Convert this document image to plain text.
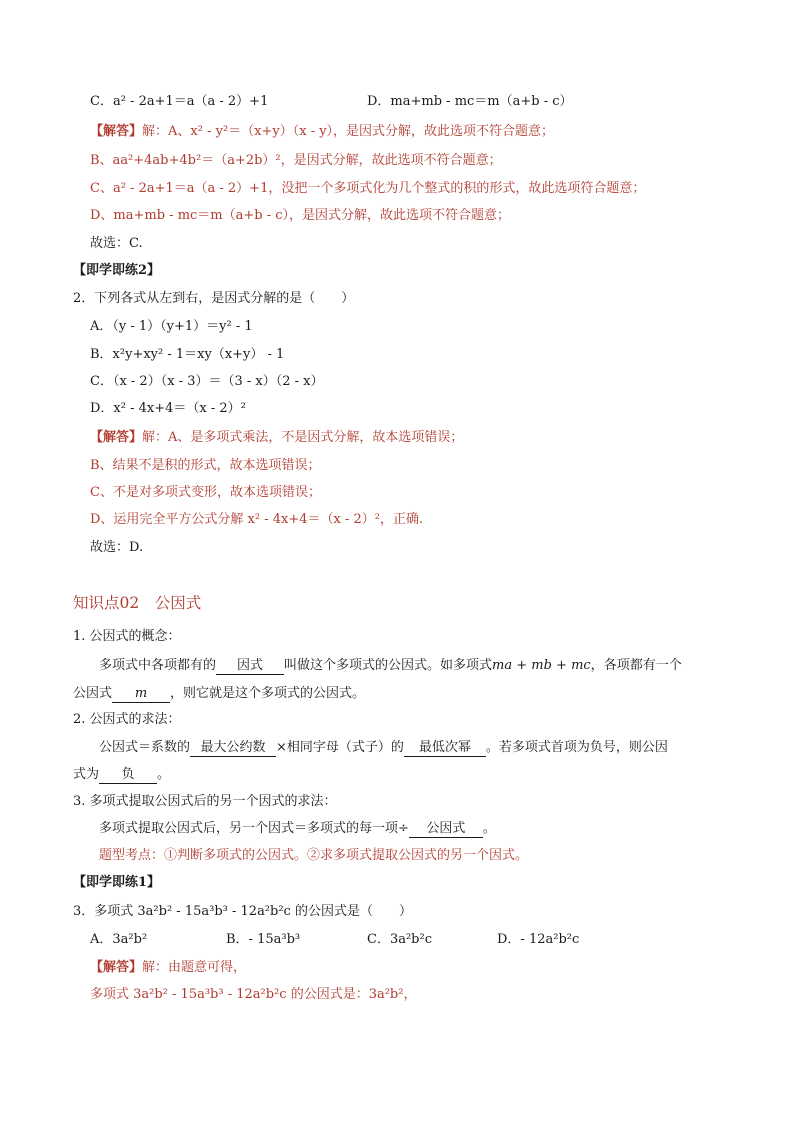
C．a² - 2a+1＝a（a - 2）+1	D．ma+mb - mc＝m（a+b - c）
【解答】解：A、x² - y²＝（x+y）（x - y），是因式分解，故此选项不符合题意；
B、aa²+4ab+4b²＝（a+2b）²，是因式分解，故此选项不符合题意；
C、a² - 2a+1＝a（a - 2）+1，没把一个多项式化为几个整式的积的形式，故此选项符合题意；
D、ma+mb - mc＝m（a+b - c），是因式分解，故此选项不符合题意；
故选：C.
【即学即练2】
2．下列各式从左到右，是因式分解的是（　　）
A．（y - 1）（y+1）＝y² - 1
B．x²y+xy² - 1＝xy（x+y） - 1
C．（x - 2）（x - 3）＝（3 - x）（2 - x）
D．x² - 4x+4＝（x - 2）²
【解答】解：A、是多项式乘法，不是因式分解，故本选项错误；
B、结果不是积的形式，故本选项错误；
C、不是对多项式变形，故本选项错误；
D、运用完全平方公式分解 x² - 4x+4＝（x - 2）²，正确.
故选：D.
知识点02　公因式
1. 公因式的概念：
多项式中各项都有的 因式 叫做这个多项式的公因式。如多项式ma + mb + mc，各项都有一个
公因式 m ，则它就是这个多项式的公因式。
2. 公因式的求法：
公因式＝系数的 最大公约数 ×相同字母（式子）的 最低次幂 。若多项式首项为负号，则公因
式为 负 。
3. 多项式提取公因式后的另一个因式的求法：
多项式提取公因式后，另一个因式＝多项式的每一项÷ 公因式 。
题型考点：①判断多项式的公因式。②求多项式提取公因式的另一个因式。
【即学即练1】
3．多项式 3a²b² - 15a³b³ - 12a²b²c 的公因式是（　　）
A．3a²b²	B．- 15a³b³	C．3a²b²c	D．- 12a²b²c
【解答】解：由题意可得，
多项式 3a²b² - 15a³b³ - 12a²b²c 的公因式是：3a²b²，
